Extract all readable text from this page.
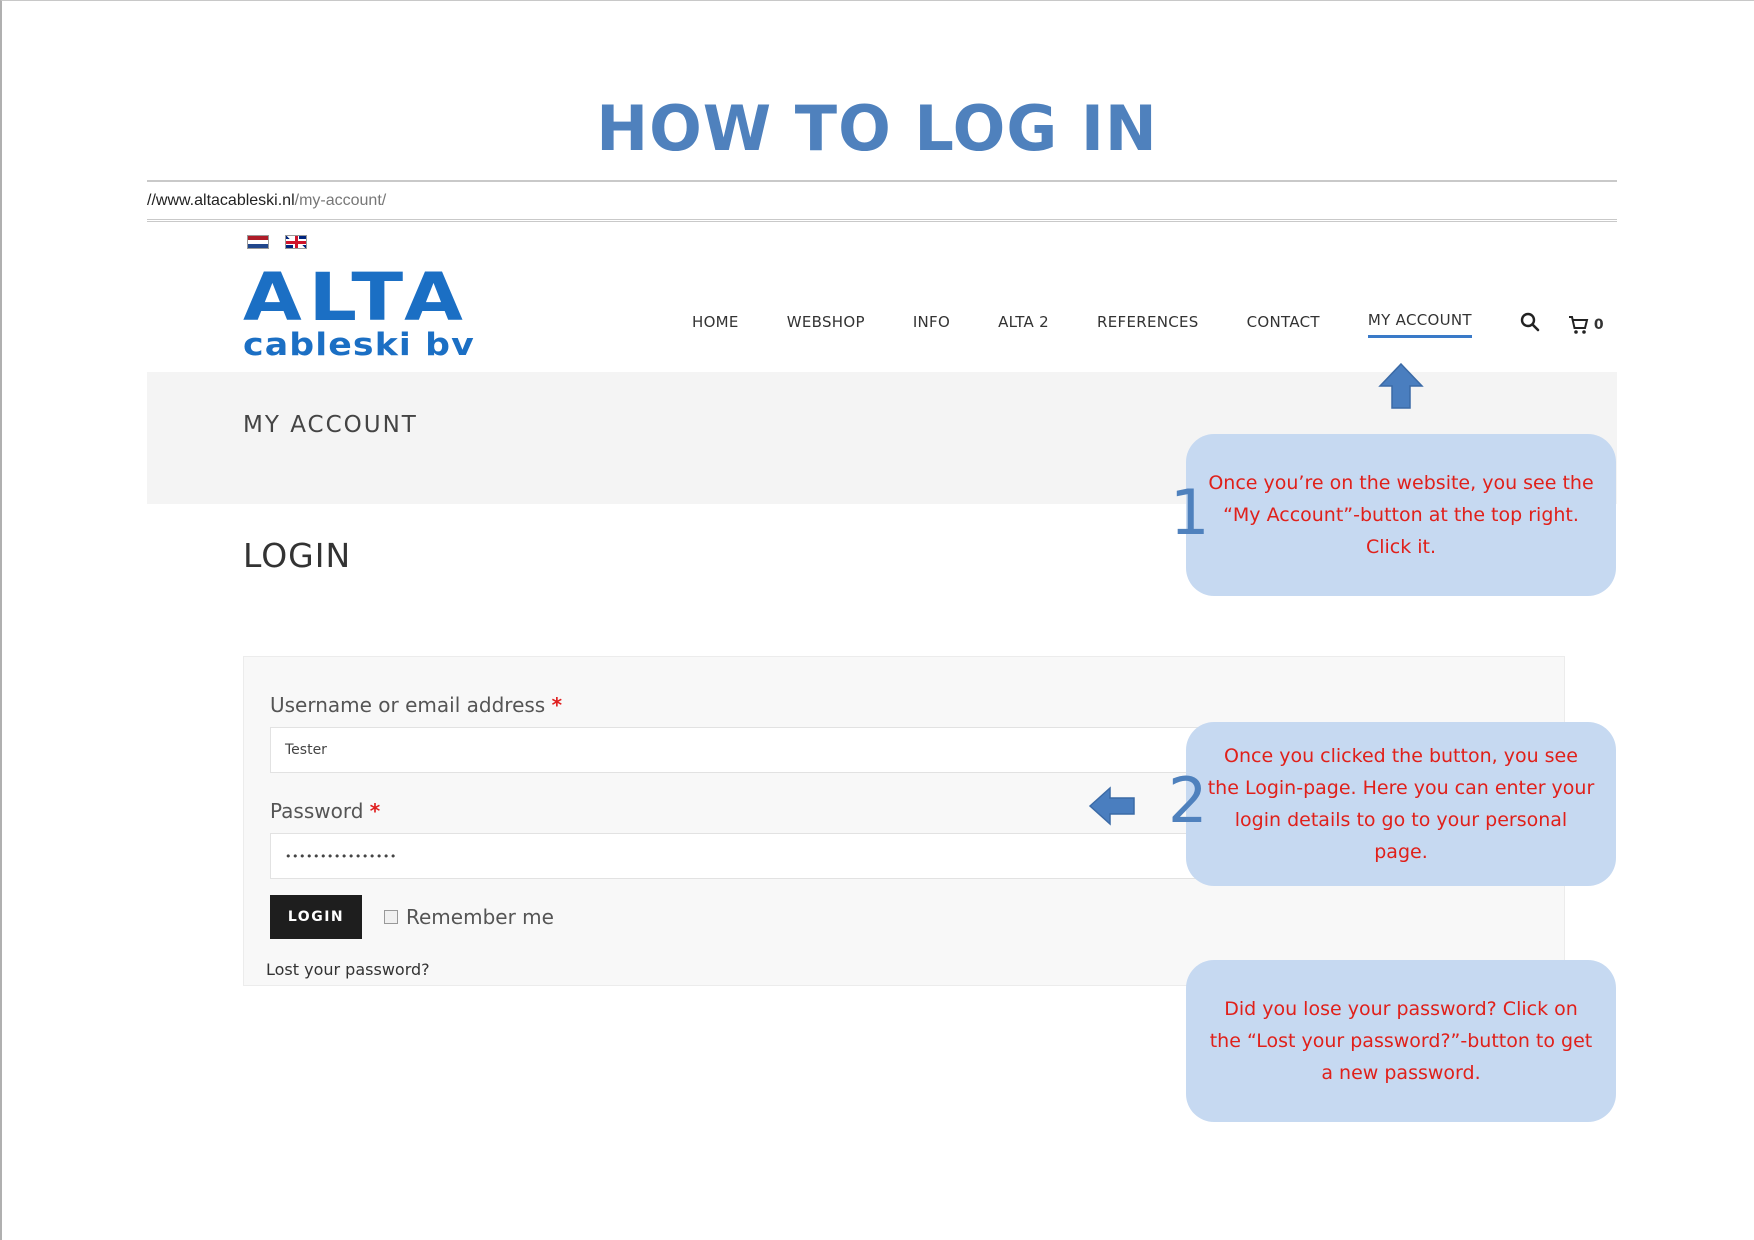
HOW TO LOG IN
//www.altacableski.nl/my-account/
ALTA
cableski bv
HOME	WEBSHOP	INFO	ALTA 2	REFERENCES	CONTACT	MY ACCOUNT	0
MY ACCOUNT
LOGIN
Username or email address *
Tester
Password *
••••••••••••••••
LOGIN	Remember me
Lost your password?
Once you’re on the website, you see the “My Account”-button at the top right. Click it.
1
Once you clicked the button, you see the Login-page. Here you can enter your login details to go to your personal page.
2
Did you lose your password? Click on the “Lost your password?”-button to get a new password.
